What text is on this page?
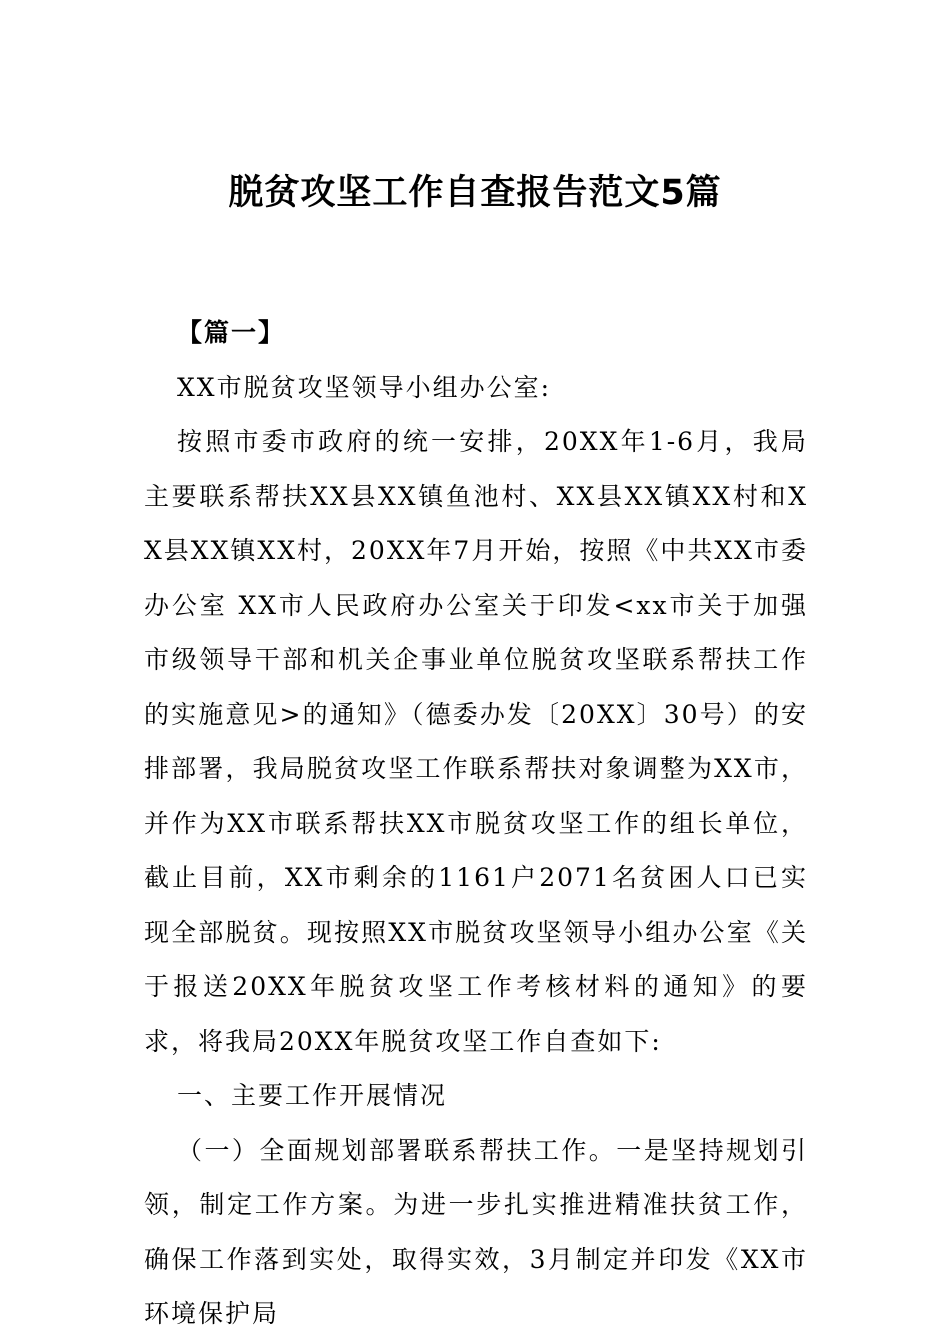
脱贫攻坚工作自查报告范文5篇

【篇一】

XX市脱贫攻坚领导小组办公室:

按照市委市政府的统一安排，20XX年1-6月，我局主要联系帮扶XX县XX镇鱼池村、XX县XX镇XX村和XX县XX镇XX村，20XX年7月开始，按照《中共XX市委办公室 XX市人民政府办公室关于印发<xx市关于加强市级领导干部和机关企事业单位脱贫攻坚联系帮扶工作的实施意见>的通知》（德委办发〔20XX〕30号）的安排部署，我局脱贫攻坚工作联系帮扶对象调整为XX市，并作为XX市联系帮扶XX市脱贫攻坚工作的组长单位，截止目前，XX市剩余的1161户2071名贫困人口已实现全部脱贫。现按照XX市脱贫攻坚领导小组办公室《关于报送20XX年脱贫攻坚工作考核材料的通知》的要求，将我局20XX年脱贫攻坚工作自查如下:

一、主要工作开展情况

（一）全面规划部署联系帮扶工作。一是坚持规划引领，制定工作方案。为进一步扎实推进精准扶贫工作，确保工作落到实处，取得实效，3月制定并印发《XX市环境保护局
